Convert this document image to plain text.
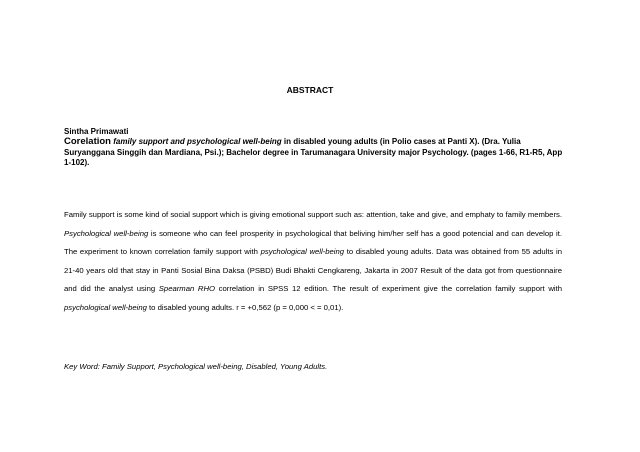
ABSTRACT
Sintha Primawati
Corelation family support and psychological well-being in disabled young adults (in Polio cases at Panti X). (Dra. Yulia Suryanggana Singgih dan Mardiana, Psi.); Bachelor degree in Tarumanagara University major Psychology. (pages 1-66, R1-R5, App 1-102).
Family support is some kind of social support which is giving emotional support such as: attention, take and give, and emphaty to family members. Psychological well-being is someone who can feel prosperity in psychological that beliving him/her self has a good potencial and can develop it. The experiment to known correlation family support with psychological well-being to disabled young adults. Data was obtained from 55 adults in 21-40 years old that stay in Panti Sosial Bina Daksa (PSBD) Budi Bhakti Cengkareng, Jakarta in 2007 Result of the data got from questionnaire and did the analyst using Spearman RHO correlation in SPSS 12 edition. The result of experiment give the correlation family support with psychological well-being to disabled young adults. r = +0,562 (p = 0,000 < = 0,01).
Key Word: Family Support, Psychological well-being, Disabled, Young Adults.
